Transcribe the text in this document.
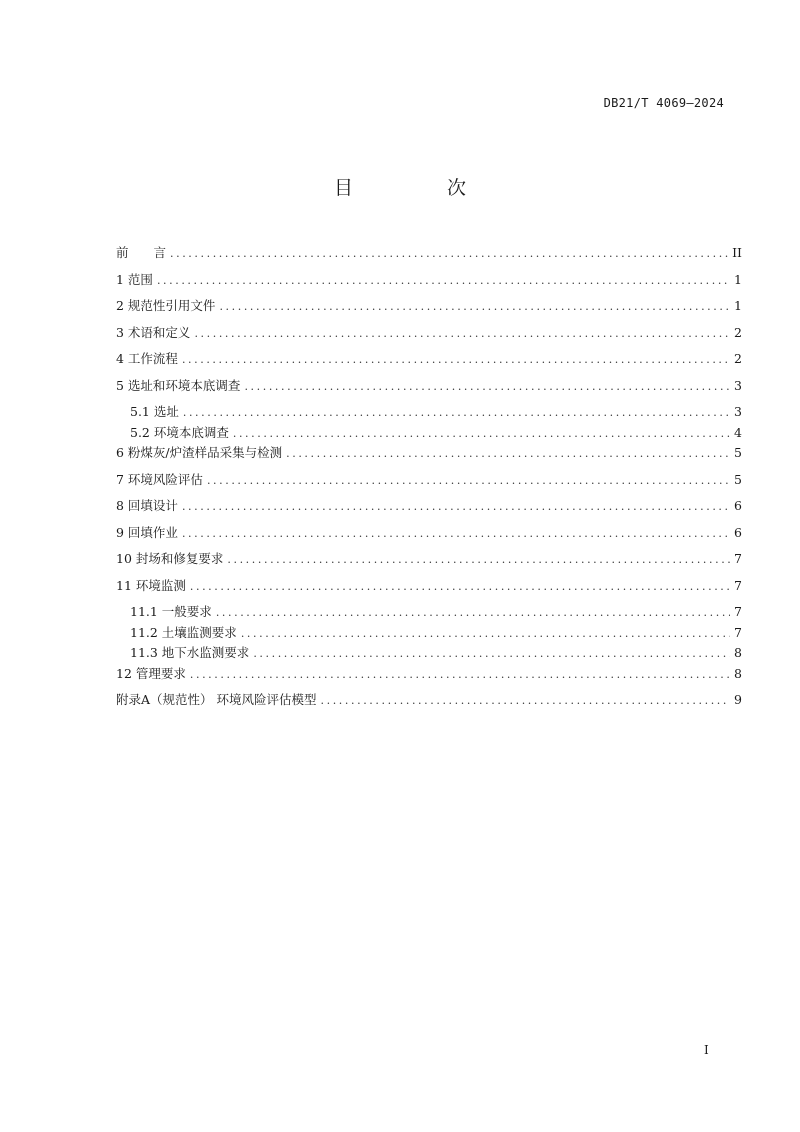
DB21/T 4069—2024
目 次
前　　言 .....	II
1 范围 .....	1
2 规范性引用文件 .....	1
3 术语和定义 .....	2
4 工作流程 .....	2
5 选址和环境本底调查 .....	3
5.1 选址 .....	3
5.2 环境本底调查 .....	4
6 粉煤灰/炉渣样品采集与检测 .....	5
7 环境风险评估 .....	5
8 回填设计 .....	6
9 回填作业 .....	6
10 封场和修复要求 .....	7
11 环境监测 .....	7
11.1 一般要求 .....	7
11.2 土壤监测要求 .....	7
11.3 地下水监测要求 .....	8
12 管理要求 .....	8
附录A（规范性） 环境风险评估模型 .....	9
I
